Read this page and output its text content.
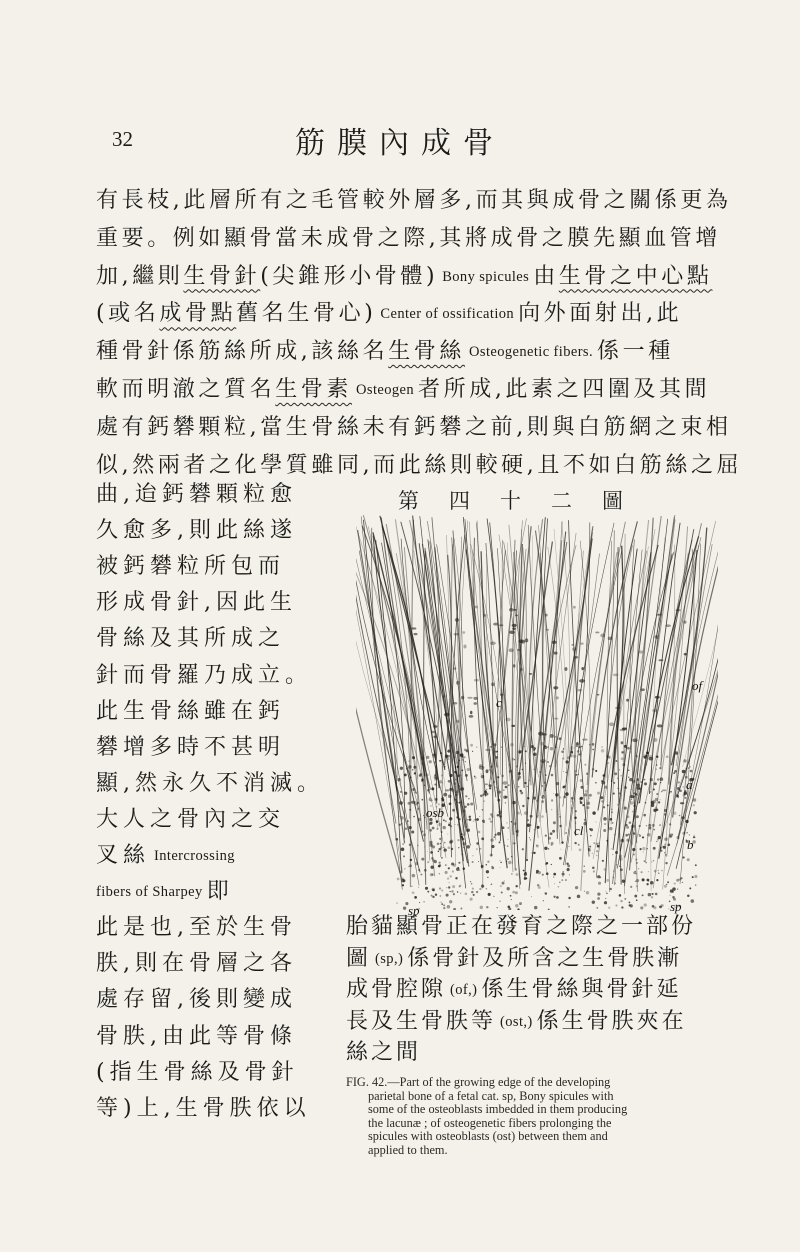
32	筋膜內成骨
有長枝,此層所有之毛管較外層多,而其與成骨之關係更為
重要。例如顯骨當未成骨之際,其將成骨之膜先顯血管增
加,繼則生骨針(尖錐形小骨體) Bony spicules 由生骨之中心點
(或名成骨點舊名生骨心) Center of ossification 向外面射出,此
種骨針係筋絲所成,該絲名生骨絲 Osteogenetic fibers. 係一種
軟而明澈之質名生骨素 Osteogen 者所成,此素之四圍及其間
處有鈣礬顆粒,當生骨絲未有鈣礬之前,則與白筋網之束相
似,然兩者之化學質雖同,而此絲則較硬,且不如白筋絲之屈
曲,迨鈣礬顆粒愈
久愈多,則此絲遂
被鈣礬粒所包而
形成骨針,因此生
骨絲及其所成之
針而骨羅乃成立。
此生骨絲雖在鈣
礬增多時不甚明
顯,然永久不消滅。
大人之骨內之交
叉絲 Intercrossing
fibers of Sharpey 即
此是也,至於生骨
胅,則在骨層之各
處存留,後則變成
骨胅,由此等骨條
(指生骨絲及骨針
等)上,生骨胅依以
第四十二圖
c
of
a
osb
b
cl
sp	sp
胎貓顯骨正在發育之際之一部份
圖 (sp,) 係骨針及所含之生骨胅漸
成骨腔隙 (of,) 係生骨絲與骨針延
長及生骨胅等 (ost,) 係生骨胅夾在
絲之間
FIG. 42.—Part of the growing edge of the developing
parietal bone of a fetal cat. sp, Bony spicules with
some of the osteoblasts imbedded in them producing
the lacunæ ; of osteogenetic fibers prolonging the
spicules with osteoblasts (ost) between them and
applied to them.
